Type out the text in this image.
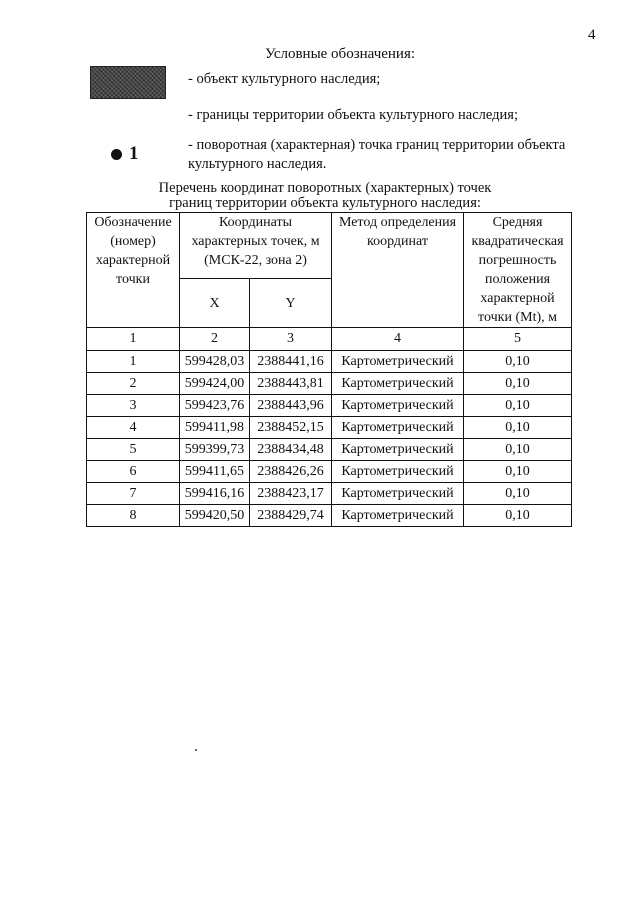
4
Условные обозначения:
- объект культурного наследия;
- границы территории объекта культурного наследия;
1	- поворотная (характерная) точка границ территории объекта культурного наследия.
Перечень координат поворотных (характерных) точек
границ территории объекта культурного наследия:
Обозначение (номер) характерной точки	Координаты характерных точек, м (МСК-22, зона 2)		Метод определения координат	Средняя квадратическая погрешность положения характерной точки (Mt), м
	X	Y		
1	2	3	4	5
1	599428,03	2388441,16	Картометрический	0,10
2	599424,00	2388443,81	Картометрический	0,10
3	599423,76	2388443,96	Картометрический	0,10
4	599411,98	2388452,15	Картометрический	0,10
5	599399,73	2388434,48	Картометрический	0,10
6	599411,65	2388426,26	Картометрический	0,10
7	599416,16	2388423,17	Картометрический	0,10
8	599420,50	2388429,74	Картометрический	0,10
